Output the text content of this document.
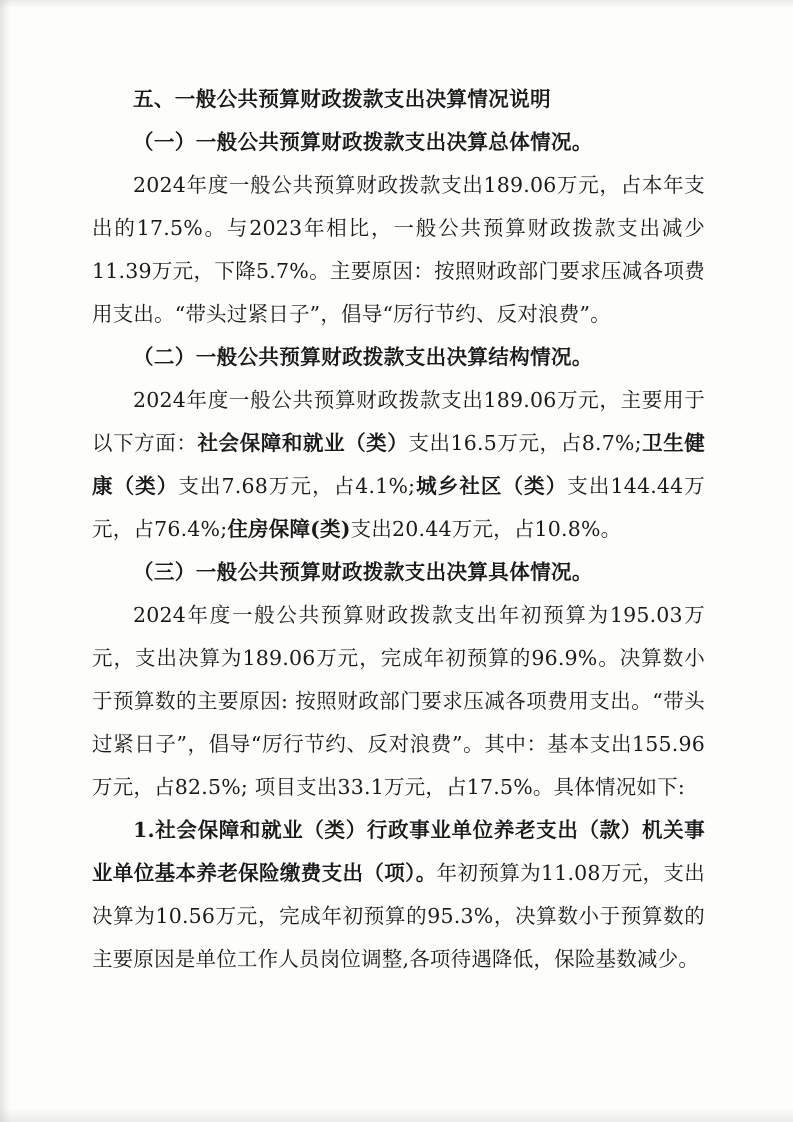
五、一般公共预算财政拨款支出决算情况说明

（一）一般公共预算财政拨款支出决算总体情况。

2024年度一般公共预算财政拨款支出189.06万元，占本年支出的17.5%。与2023年相比，一般公共预算财政拨款支出减少11.39万元，下降5.7%。主要原因：按照财政部门要求压减各项费用支出。“带头过紧日子”，倡导“厉行节约、反对浪费”。

（二）一般公共预算财政拨款支出决算结构情况。

2024年度一般公共预算财政拨款支出189.06万元，主要用于以下方面：社会保障和就业（类）支出16.5万元，占8.7%;卫生健康（类）支出7.68万元，占4.1%;城乡社区（类）支出144.44万元，占76.4%;住房保障(类)支出20.44万元，占10.8%。

（三）一般公共预算财政拨款支出决算具体情况。

2024年度一般公共预算财政拨款支出年初预算为195.03万元，支出决算为189.06万元，完成年初预算的96.9%。决算数小于预算数的主要原因: 按照财政部门要求压减各项费用支出。“带头过紧日子”，倡导“厉行节约、反对浪费”。其中：基本支出155.96万元，占82.5%; 项目支出33.1万元，占17.5%。具体情况如下:

1.社会保障和就业（类）行政事业单位养老支出（款）机关事业单位基本养老保险缴费支出（项）。年初预算为11.08万元，支出决算为10.56万元，完成年初预算的95.3%，决算数小于预算数的主要原因是单位工作人员岗位调整,各项待遇降低，保险基数减少。
